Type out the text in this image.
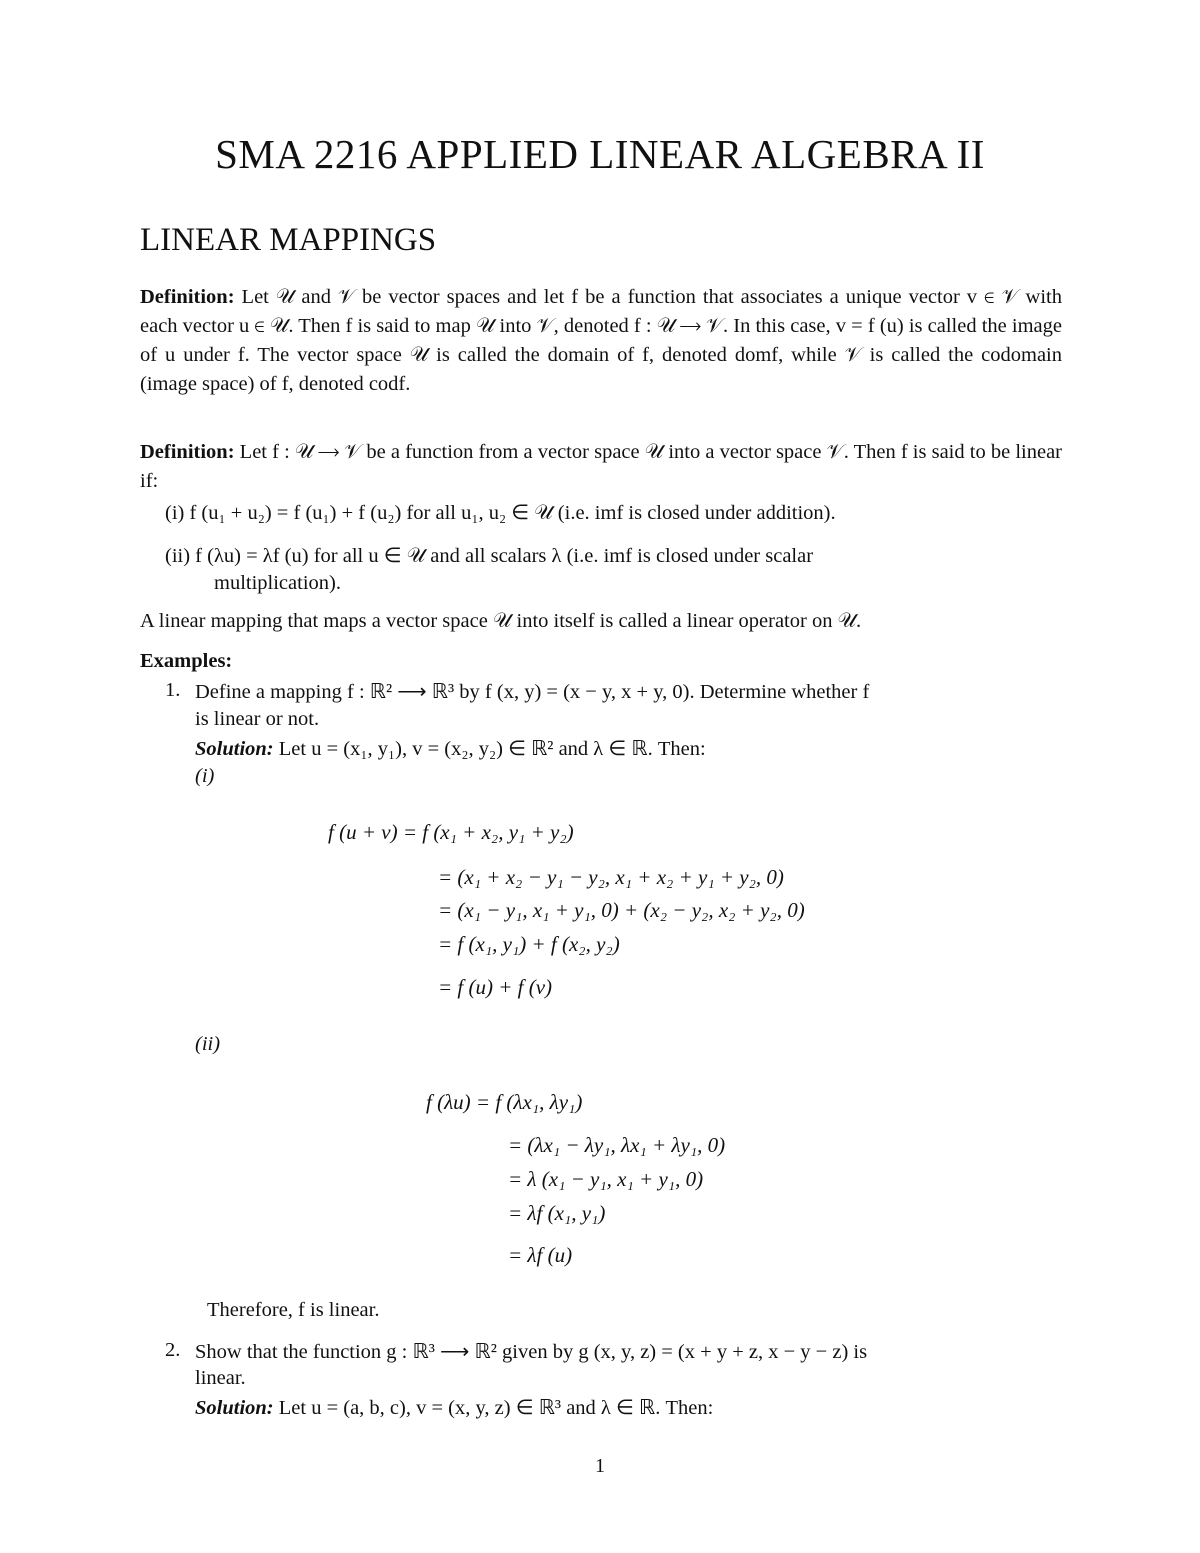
SMA 2216 APPLIED LINEAR ALGEBRA II
LINEAR MAPPINGS
Definition: Let 𝒰 and 𝒱 be vector spaces and let f be a function that associates a unique vector v ∈ 𝒱 with each vector u ∈ 𝒰. Then f is said to map 𝒰 into 𝒱, denoted f : 𝒰 ⟶ 𝒱. In this case, v = f (u) is called the image of u under f. The vector space 𝒰 is called the domain of f, denoted domf, while 𝒱 is called the codomain (image space) of f, denoted codf.
Definition: Let f : 𝒰 ⟶ 𝒱 be a function from a vector space 𝒰 into a vector space 𝒱. Then f is said to be linear if:
(i) f (u₁ + u₂) = f (u₁) + f (u₂) for all u₁, u₂ ∈ 𝒰 (i.e. imf is closed under addition).
(ii) f (λu) = λf (u) for all u ∈ 𝒰 and all scalars λ (i.e. imf is closed under scalar
multiplication).
A linear mapping that maps a vector space 𝒰 into itself is called a linear operator on 𝒰.
Examples:
1. Define a mapping f : ℝ² ⟶ ℝ³ by f (x, y) = (x − y, x + y, 0). Determine whether f
is linear or not.
Solution: Let u = (x₁, y₁), v = (x₂, y₂) ∈ ℝ² and λ ∈ ℝ. Then:
(i)
f (u + v) = f (x₁ + x₂, y₁ + y₂)
= (x₁ + x₂ − y₁ − y₂, x₁ + x₂ + y₁ + y₂, 0)
= (x₁ − y₁, x₁ + y₁, 0) + (x₂ − y₂, x₂ + y₂, 0)
= f (x₁, y₁) + f (x₂, y₂)
= f (u) + f (v)
(ii)
f (λu) = f (λx₁, λy₁)
= (λx₁ − λy₁, λx₁ + λy₁, 0)
= λ (x₁ − y₁, x₁ + y₁, 0)
= λf (x₁, y₁)
= λf (u)
Therefore, f is linear.
2. Show that the function g : ℝ³ ⟶ ℝ² given by g (x, y, z) = (x + y + z, x − y − z) is
linear.
Solution: Let u = (a, b, c), v = (x, y, z) ∈ ℝ³ and λ ∈ ℝ. Then:
1
